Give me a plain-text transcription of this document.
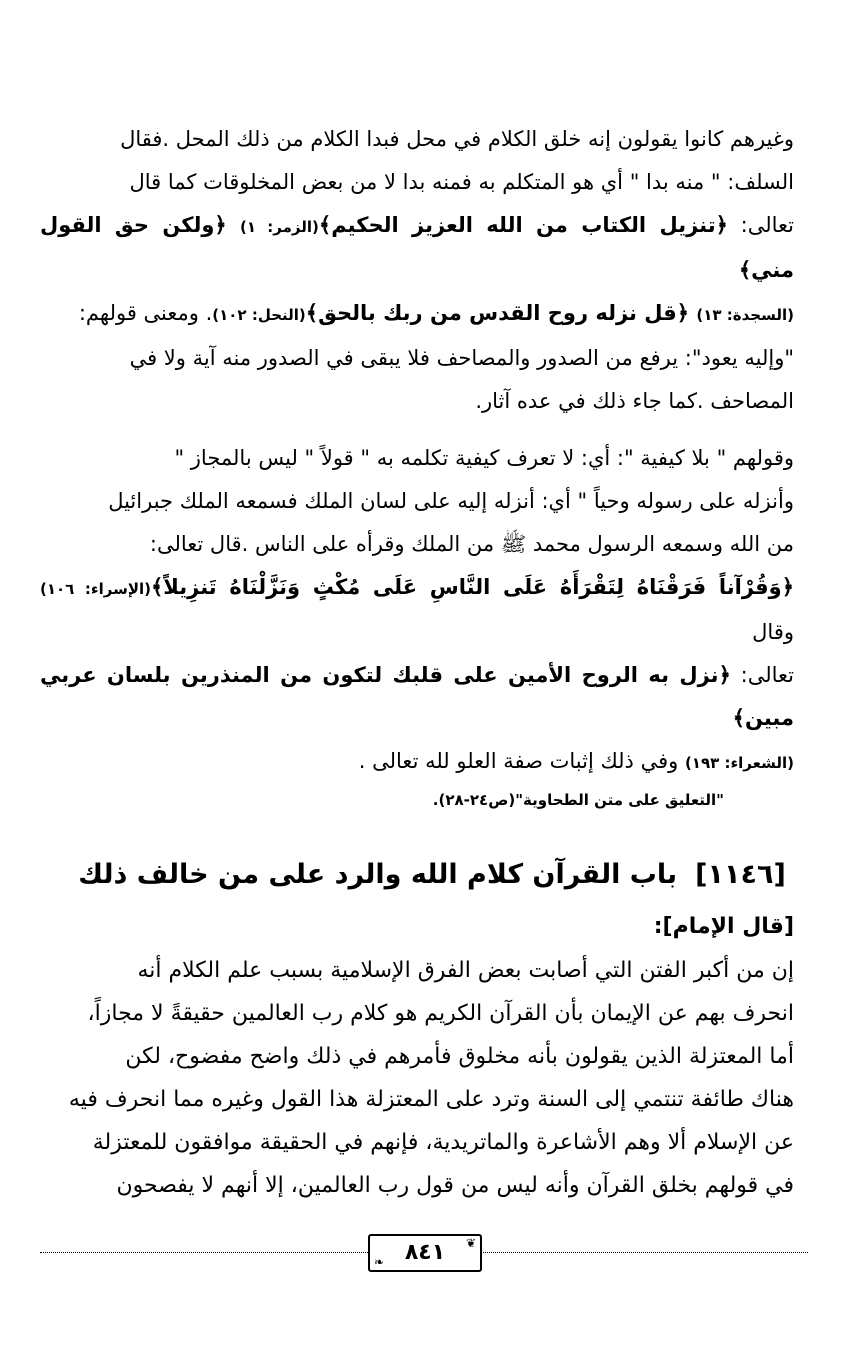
وغيرهم كانوا يقولون إنه خلق الكلام في محل فبدا الكلام من ذلك المحل .فقال
السلف: " منه بدا " أي هو المتكلم به فمنه بدا لا من بعض المخلوقات كما قال
تعالى: ﴿تنزيل الكتاب من الله العزيز الحكيم﴾(الزمر: ١) ﴿ولكن حق القول مني﴾
(السجدة: ١٣) ﴿قل نزله روح القدس من ربك بالحق﴾(النحل: ١٠٢). ومعنى قولهم:
"وإليه يعود": يرفع من الصدور والمصاحف فلا يبقى في الصدور منه آية ولا في
المصاحف .كما جاء ذلك في عده آثار.
وقولهم " بلا كيفية ": أي: لا تعرف كيفية تكلمه به " قولاً " ليس بالمجاز "
وأنزله على رسوله وحياً " أي: أنزله إليه على لسان الملك فسمعه الملك جبرائيل
من الله وسمعه الرسول محمد ﷺ من الملك وقرأه على الناس .قال تعالى:
﴿وَقُرْآناً فَرَقْنَاهُ لِتَقْرَأَهُ عَلَى النَّاسِ عَلَى مُكْثٍ وَنَزَّلْنَاهُ تَنزِيلاً﴾(الإسراء: ١٠٦) وقال
تعالى: ﴿نزل به الروح الأمين على قلبك لتكون من المنذرين بلسان عربي مبين﴾
(الشعراء: ١٩٣) وفي ذلك إثبات صفة العلو لله تعالى .
"التعليق على متن الطحاوية"(ص٢٤-٢٨).
[١١٤٦]باب القرآن كلام الله والرد على من خالف ذلك
[قال الإمام]:
إن من أكبر الفتن التي أصابت بعض الفرق الإسلامية بسبب علم الكلام أنه
انحرف بهم عن الإيمان بأن القرآن الكريم هو كلام رب العالمين حقيقةً لا مجازاً،
أما المعتزلة الذين يقولون بأنه مخلوق فأمرهم في ذلك واضح مفضوح، لكن
هناك طائفة تنتمي إلى السنة وترد على المعتزلة هذا القول وغيره مما انحرف فيه
عن الإسلام ألا وهم الأشاعرة والماتريدية، فإنهم في الحقيقة موافقون للمعتزلة
في قولهم بخلق القرآن وأنه ليس من قول رب العالمين، إلا أنهم لا يفصحون
❦
٨٤١
❧
